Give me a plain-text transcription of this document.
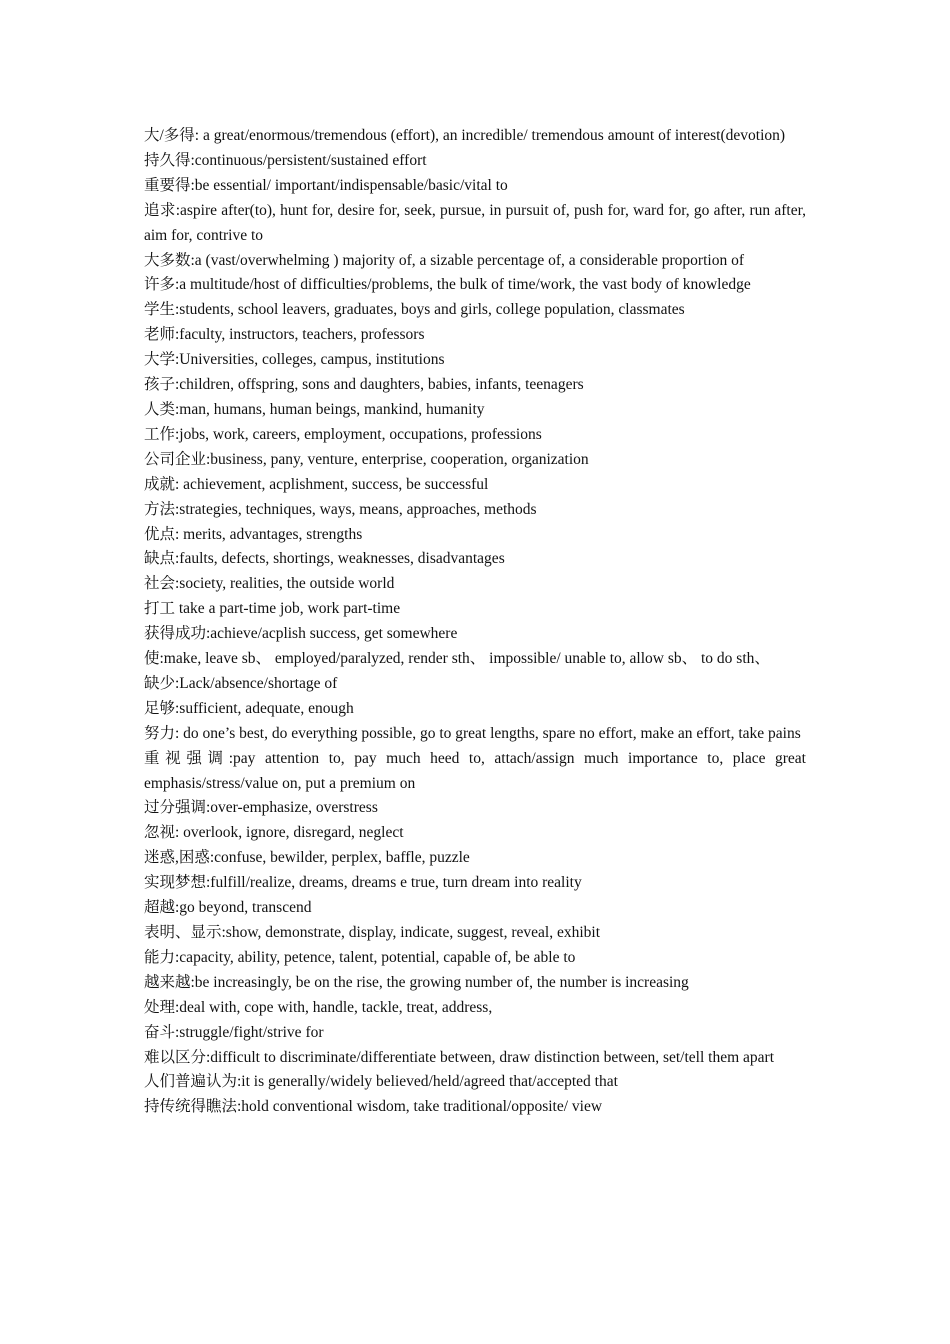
大/多得: a great/enormous/tremendous (effort), an incredible/ tremendous amount of interest(devotion)

持久得:continuous/persistent/sustained effort

重要得:be essential/ important/indispensable/basic/vital to

追求:aspire after(to), hunt for, desire for, seek, pursue, in pursuit of, push for, ward for, go after, run after, aim for, contrive to

大多数:a (vast/overwhelming ) majority of, a sizable percentage of, a considerable proportion of

许多:a multitude/host of difficulties/problems, the bulk of time/work, the vast body of knowledge

学生:students, school leavers, graduates, boys and girls, college population, classmates

老师:faculty, instructors, teachers, professors

大学:Universities, colleges, campus, institutions

孩子:children, offspring, sons and daughters, babies, infants, teenagers

人类:man, humans, human beings, mankind, humanity

工作:jobs, work, careers, employment, occupations, professions

公司企业:business, pany, venture, enterprise, cooperation, organization

成就: achievement, acplishment, success, be successful

方法:strategies, techniques, ways, means, approaches, methods

优点: merits, advantages, strengths

缺点:faults, defects, shortings, weaknesses, disadvantages

社会:society, realities, the outside world

打工 take a part-time job, work part-time

获得成功:achieve/acplish success, get somewhere

使:make, leave sb、 employed/paralyzed, render sth、 impossible/ unable to, allow sb、 to do sth、

缺少:Lack/absence/shortage of

足够:sufficient, adequate, enough

努力: do one’s best, do everything possible, go to great lengths, spare no effort, make an effort, take pains

重视强调:pay attention to, pay much heed to, attach/assign much importance to, place great emphasis/stress/value on, put a premium on

过分强调:over-emphasize, overstress

忽视: overlook, ignore, disregard, neglect

迷惑,困惑:confuse, bewilder, perplex, baffle, puzzle

实现梦想:fulfill/realize, dreams, dreams e true, turn dream into reality

超越:go beyond, transcend

表明、显示:show, demonstrate, display, indicate, suggest, reveal, exhibit

能力:capacity, ability, petence, talent, potential, capable of, be able to

越来越:be increasingly, be on the rise, the growing number of, the number is increasing

处理:deal with, cope with, handle, tackle, treat, address,

奋斗:struggle/fight/strive for

难以区分:difficult to discriminate/differentiate between, draw distinction between, set/tell them apart

人们普遍认为:it is generally/widely believed/held/agreed that/accepted that

持传统得瞧法:hold conventional wisdom, take traditional/opposite/ view
